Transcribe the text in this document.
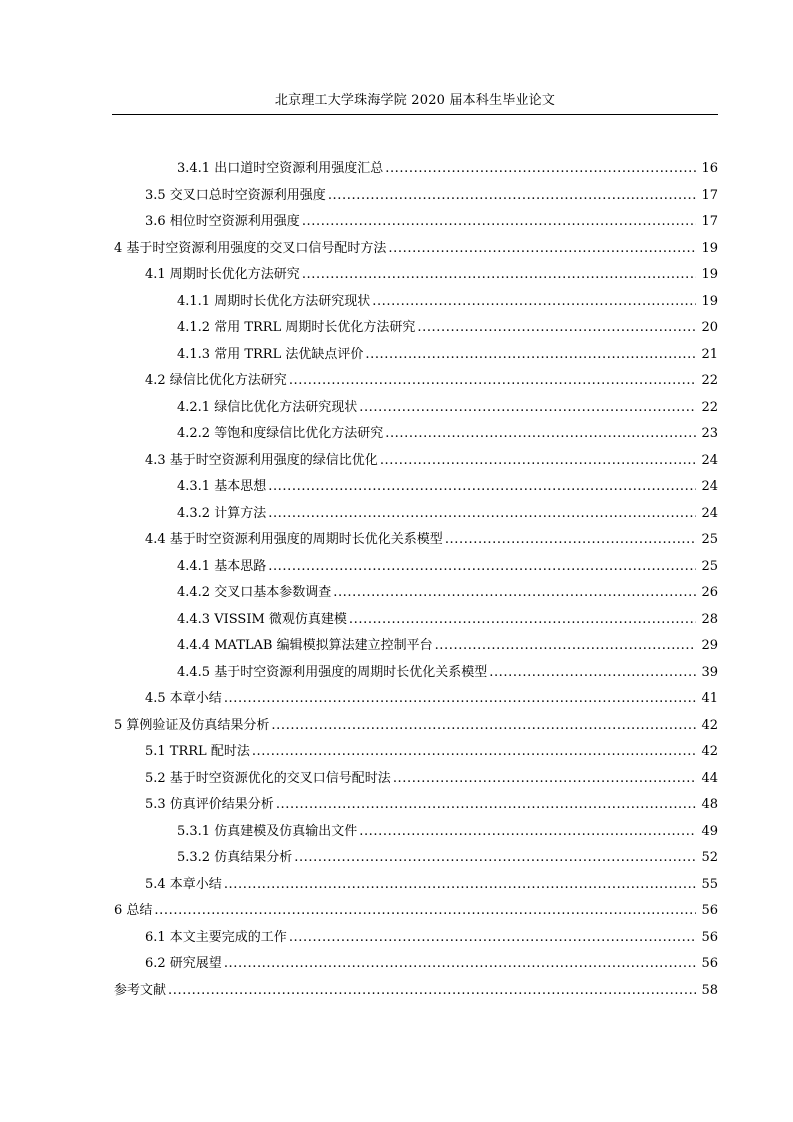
北京理工大学珠海学院 2020 届本科生毕业论文
3.4.1 出口道时空资源利用强度汇总 .....	16
3.5 交叉口总时空资源利用强度 .....	17
3.6 相位时空资源利用强度 .....	17
4 基于时空资源利用强度的交叉口信号配时方法 .....	19
4.1 周期时长优化方法研究 .....	19
4.1.1 周期时长优化方法研究现状 .....	19
4.1.2 常用 TRRL 周期时长优化方法研究 .....	20
4.1.3 常用 TRRL 法优缺点评价 .....	21
4.2 绿信比优化方法研究 .....	22
4.2.1 绿信比优化方法研究现状 .....	22
4.2.2 等饱和度绿信比优化方法研究 .....	23
4.3 基于时空资源利用强度的绿信比优化 .....	24
4.3.1 基本思想 .....	24
4.3.2 计算方法 .....	24
4.4 基于时空资源利用强度的周期时长优化关系模型 .....	25
4.4.1 基本思路 .....	25
4.4.2 交叉口基本参数调查 .....	26
4.4.3 VISSIM 微观仿真建模 .....	28
4.4.4 MATLAB 编辑模拟算法建立控制平台 .....	29
4.4.5 基于时空资源利用强度的周期时长优化关系模型 .....	39
4.5 本章小结 .....	41
5 算例验证及仿真结果分析 .....	42
5.1 TRRL 配时法 .....	42
5.2 基于时空资源优化的交叉口信号配时法 .....	44
5.3 仿真评价结果分析 .....	48
5.3.1 仿真建模及仿真输出文件 .....	49
5.3.2 仿真结果分析 .....	52
5.4 本章小结 .....	55
6 总结 .....	56
6.1 本文主要完成的工作 .....	56
6.2 研究展望 .....	56
参考文献 .....	58
